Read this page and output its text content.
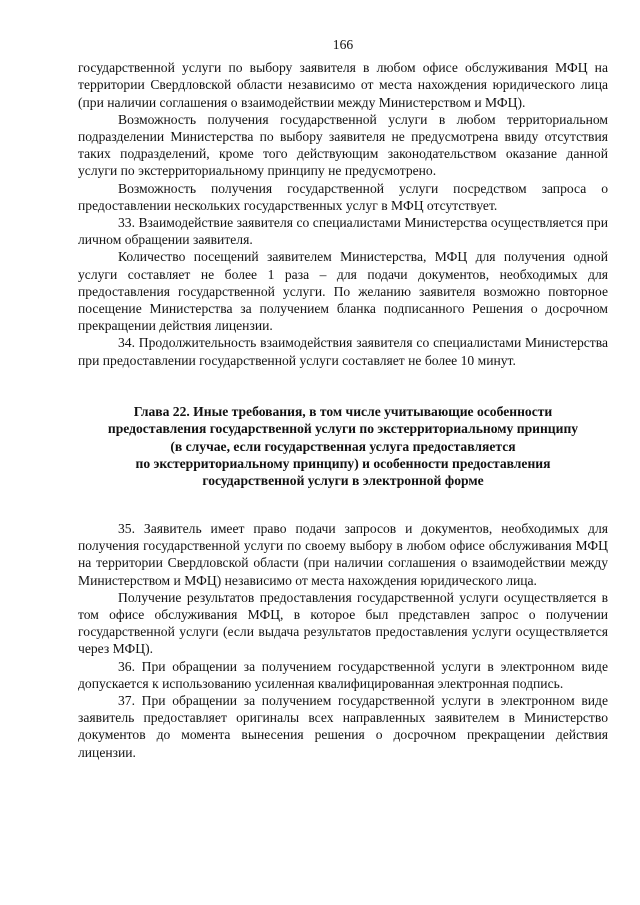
166

государственной услуги по выбору заявителя в любом офисе обслуживания МФЦ на территории Свердловской области независимо от места нахождения юридического лица (при наличии соглашения о взаимодействии между Министерством и МФЦ).

Возможность получения государственной услуги в любом территориальном подразделении Министерства по выбору заявителя не предусмотрена ввиду отсутствия таких подразделений, кроме того действующим законодательством оказание данной услуги по экстерриториальному принципу не предусмотрено.

Возможность получения государственной услуги посредством запроса о предоставлении нескольких государственных услуг в МФЦ отсутствует.

33. Взаимодействие заявителя со специалистами Министерства осуществляется при личном обращении заявителя.

Количество посещений заявителем Министерства, МФЦ для получения одной услуги составляет не более 1 раза – для подачи документов, необходимых для предоставления государственной услуги. По желанию заявителя возможно повторное посещение Министерства за получением бланка подписанного Решения о досрочном прекращении действия лицензии.

34. Продолжительность взаимодействия заявителя со специалистами Министерства при предоставлении государственной услуги составляет не более 10 минут.

Глава 22. Иные требования, в том числе учитывающие особенности
предоставления государственной услуги по экстерриториальному принципу
(в случае, если государственная услуга предоставляется
по экстерриториальному принципу) и особенности предоставления
государственной услуги в электронной форме

35. Заявитель имеет право подачи запросов и документов, необходимых для получения государственной услуги по своему выбору в любом офисе обслуживания МФЦ на территории Свердловской области (при наличии соглашения о взаимодействии между Министерством и МФЦ) независимо от места нахождения юридического лица.

Получение результатов предоставления государственной услуги осуществляется в том офисе обслуживания МФЦ, в которое был представлен запрос о получении государственной услуги (если выдача результатов предоставления услуги осуществляется через МФЦ).

36. При обращении за получением государственной услуги в электронном виде допускается к использованию усиленная квалифицированная электронная подпись.

37. При обращении за получением государственной услуги в электронном виде заявитель предоставляет оригиналы всех направленных заявителем в Министерство документов до момента вынесения решения о досрочном прекращении действия лицензии.
